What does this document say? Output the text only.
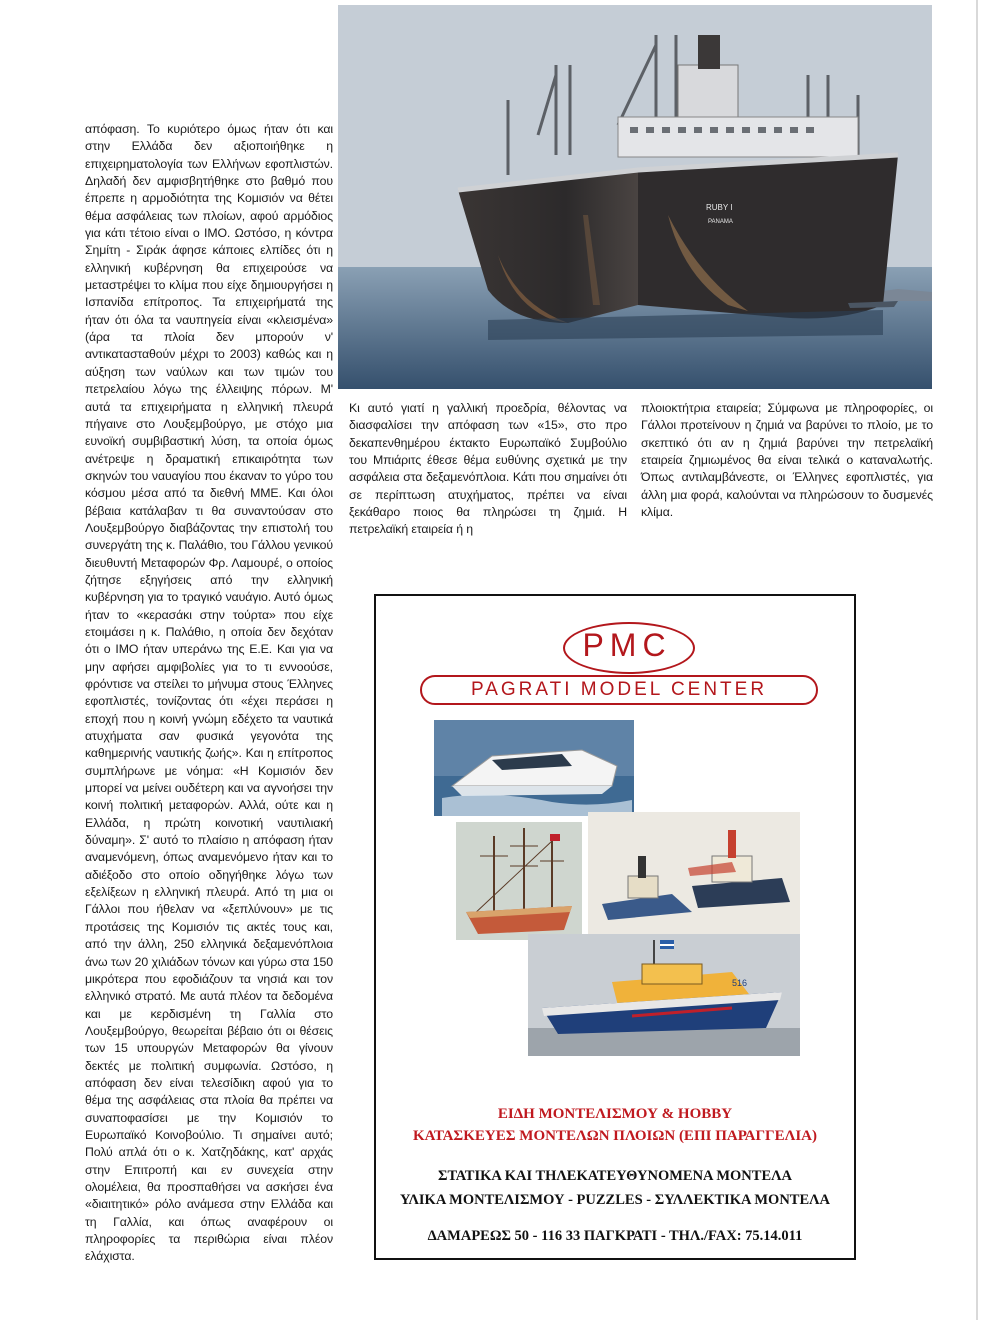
απόφαση. Το κυριότερο όμως ήταν ότι και στην Ελλάδα δεν αξιοποιήθηκε η επιχειρηματολογία των Ελλήνων εφοπλιστών. Δηλαδή δεν αμφισβητήθηκε στο βαθμό που έπρεπε η αρμοδιότητα της Κομισιόν να θέτει θέμα ασφάλειας των πλοίων, αφού αρμόδιος για κάτι τέτοιο είναι ο ΙΜΟ. Ωστόσο, η κόντρα Σημίτη - Σιράκ άφησε κάποιες ελπίδες ότι η ελληνική κυβέρνηση θα επιχειρούσε να μεταστρέψει το κλίμα που είχε δημιουργήσει η Ισπανίδα επίτροπος. Τα επιχειρήματά της ήταν ότι όλα τα ναυπηγεία είναι «κλεισμένα» (άρα τα πλοία δεν μπορούν ν' αντικατασταθούν μέχρι το 2003) καθώς και η αύξηση των ναύλων και των τιμών του πετρελαίου λόγω της έλλειψης πόρων. Μ' αυτά τα επιχειρήματα η ελληνική πλευρά πήγαινε στο Λουξεμβούργο, με στόχο μια ευνοϊκή συμβιβαστική λύση, τα οποία όμως ανέτρεψε η δραματική επικαιρότητα των σκηνών του ναυαγίου που έκαναν το γύρο του κόσμου μέσα από τα διεθνή ΜΜΕ. Και όλοι βέβαια κατάλαβαν τι θα συναντούσαν στο Λουξεμβούργο διαβάζοντας την επιστολή του συνεργάτη της κ. Παλάθιο, του Γάλλου γενικού διευθυντή Μεταφορών Φρ. Λαμουρέ, ο οποίος ζήτησε εξηγήσεις από την ελληνική κυβέρνηση για το τραγικό ναυάγιο. Αυτό όμως ήταν το «κερασάκι στην τούρτα» που είχε ετοιμάσει η κ. Παλάθιο, η οποία δεν δεχόταν ότι ο ΙΜΟ ήταν υπεράνω της Ε.Ε. Και για να μην αφήσει αμφιβολίες για το τι εννοούσε, φρόντισε να στείλει το μήνυμα στους Έλληνες εφοπλιστές, τονίζοντας ότι «έχει περάσει η εποχή που η κοινή γνώμη εδέχετο τα ναυτικά ατυχήματα σαν φυσικά γεγονότα της καθημερινής ναυτικής ζωής». Και η επίτροπος συμπλήρωνε με νόημα: «Η Κομισιόν δεν μπορεί να μείνει ουδέτερη και να αγνοήσει την κοινή πολιτική μεταφορών. Αλλά, ούτε και η Ελλάδα, η πρώτη κοινοτική ναυτιλιακή δύναμη». Σ' αυτό το πλαίσιο η απόφαση ήταν αναμενόμενη, όπως αναμενόμενο ήταν και το αδιέξοδο στο οποίο οδηγήθηκε λόγω των εξελίξεων η ελληνική πλευρά. Από τη μια οι Γάλλοι που ήθελαν να «ξεπλύνουν» με τις προτάσεις της Κομισιόν τις ακτές τους και, από την άλλη, 250 ελληνικά δεξαμενόπλοια άνω των 20 χιλιάδων τόνων και γύρω στα 150 μικρότερα που εφοδιάζουν τα νησιά και τον ελληνικό στρατό. Με αυτά πλέον τα δεδομένα και με κερδισμένη τη Γαλλία στο Λουξεμβούργο, θεωρείται βέβαιο ότι οι θέσεις των 15 υπουργών Μεταφορών θα γίνουν δεκτές με πολιτική συμφωνία. Ωστόσο, η απόφαση δεν είναι τελεσίδικη αφού για το θέμα της ασφάλειας στα πλοία θα πρέπει να συναποφασίσει με την Κομισιόν το Ευρωπαϊκό Κοινοβούλιο. Τι σημαίνει αυτό; Πολύ απλά ότι ο κ. Χατζηδάκης, κατ' αρχάς στην Επιτροπή και εν συνεχεία στην ολομέλεια, θα προσπαθήσει να ασκήσει ένα «διαιτητικό» ρόλο ανάμεσα στην Ελλάδα και τη Γαλλία, και όπως αναφέρουν οι πληροφορίες τα περιθώρια είναι πλέον ελάχιστα.
RUBY I
PANAMA
Κι αυτό γιατί η γαλλική προεδρία, θέλοντας να διασφαλίσει την απόφαση των «15», στο προ δεκαπενθημέρου έκτακτο Ευρωπαϊκό Συμβούλιο του Μπιάριτς έθεσε θέμα ευθύνης σχετικά με την ασφάλεια στα δεξαμενόπλοια. Κάτι που σημαίνει ότι σε περίπτωση ατυχήματος, πρέπει να είναι ξεκάθαρο ποιος θα πληρώσει τη ζημιά. Η πετρελαϊκή εταιρεία ή η
πλοιοκτήτρια εταιρεία; Σύμφωνα με πληροφορίες, οι Γάλλοι προτείνουν η ζημιά να βαρύνει το πλοίο, με το σκεπτικό ότι αν η ζημιά βαρύνει την πετρελαϊκή εταιρεία ζημιωμένος θα είναι τελικά ο καταναλωτής. Όπως αντιλαμβάνεστε, οι Έλληνες εφοπλιστές, για άλλη μια φορά, καλούνται να πληρώσουν το δυσμενές κλίμα.
PAGRATI MODEL CENTER
PMC
516
ΕΙΔΗ ΜΟΝΤΕΛΙΣΜΟΥ & HOBBY
ΚΑΤΑΣΚΕΥΕΣ ΜΟΝΤΕΛΩΝ ΠΛΟΙΩΝ (ΕΠΙ ΠΑΡΑΓΓΕΛΙΑ)
ΣΤΑΤΙΚΑ ΚΑΙ ΤΗΛΕΚΑΤΕΥΘΥΝΟΜΕΝΑ ΜΟΝΤΕΛΑ
ΥΛΙΚΑ ΜΟΝΤΕΛΙΣΜΟΥ - PUZZLES - ΣΥΛΛΕΚΤΙΚΑ ΜΟΝΤΕΛΑ
ΔΑΜΑΡΕΩΣ 50 - 116 33 ΠΑΓΚΡΑΤΙ - ΤΗΛ./FAX: 75.14.011
